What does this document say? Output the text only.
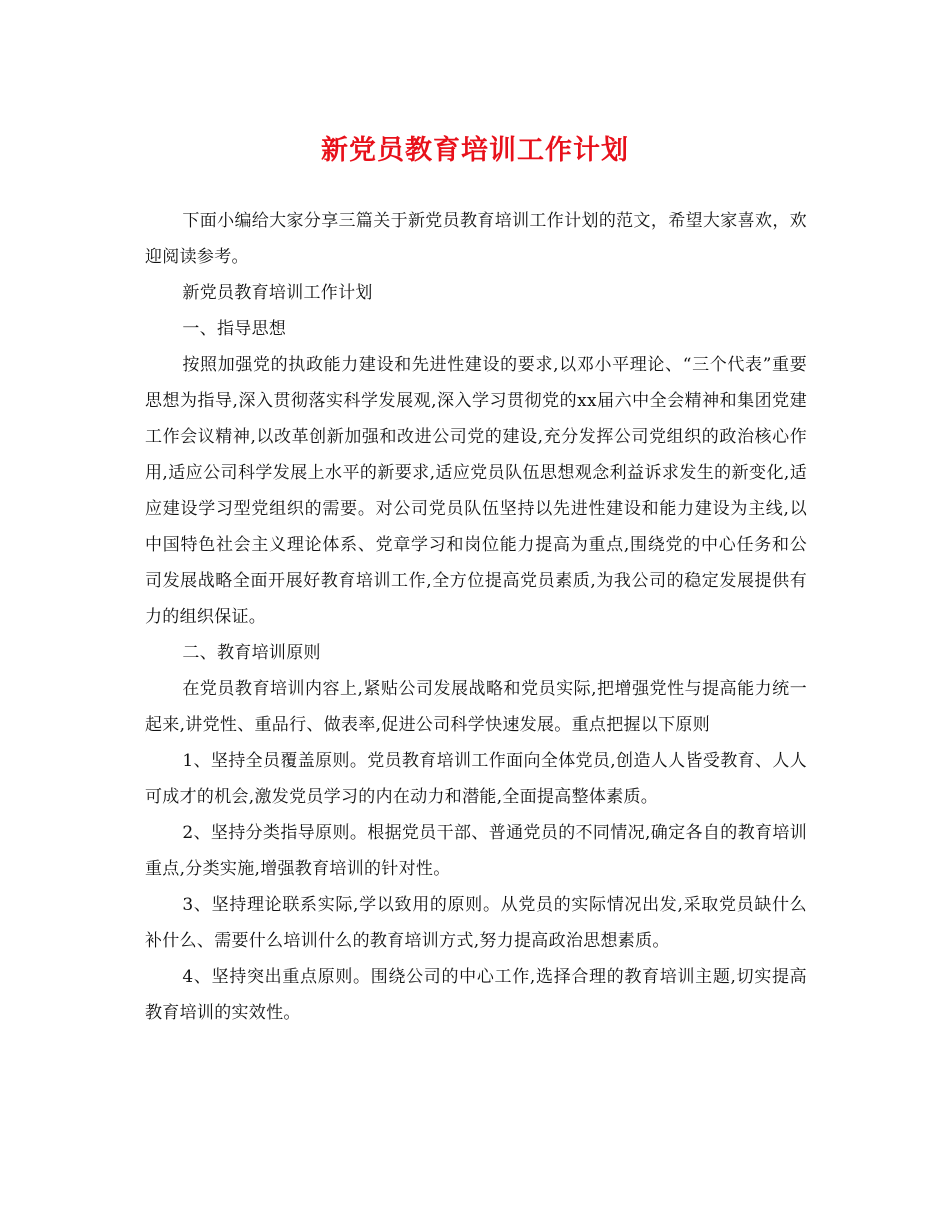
新党员教育培训工作计划

下面小编给大家分享三篇关于新党员教育培训工作计划的范文，希望大家喜欢，欢迎阅读参考。

新党员教育培训工作计划

一、指导思想

按照加强党的执政能力建设和先进性建设的要求,以邓小平理论、“三个代表”重要思想为指导,深入贯彻落实科学发展观,深入学习贯彻党的xx届六中全会精神和集团党建工作会议精神,以改革创新加强和改进公司党的建设,充分发挥公司党组织的政治核心作用,适应公司科学发展上水平的新要求,适应党员队伍思想观念利益诉求发生的新变化,适应建设学习型党组织的需要。对公司党员队伍坚持以先进性建设和能力建设为主线,以中国特色社会主义理论体系、党章学习和岗位能力提高为重点,围绕党的中心任务和公司发展战略全面开展好教育培训工作,全方位提高党员素质,为我公司的稳定发展提供有力的组织保证。

二、教育培训原则

在党员教育培训内容上,紧贴公司发展战略和党员实际,把增强党性与提高能力统一起来,讲党性、重品行、做表率,促进公司科学快速发展。重点把握以下原则

1、坚持全员覆盖原则。党员教育培训工作面向全体党员,创造人人皆受教育、人人可成才的机会,激发党员学习的内在动力和潜能,全面提高整体素质。

2、坚持分类指导原则。根据党员干部、普通党员的不同情况,确定各自的教育培训重点,分类实施,增强教育培训的针对性。

3、坚持理论联系实际,学以致用的原则。从党员的实际情况出发,采取党员缺什么补什么、需要什么培训什么的教育培训方式,努力提高政治思想素质。

4、坚持突出重点原则。围绕公司的中心工作,选择合理的教育培训主题,切实提高教育培训的实效性。
